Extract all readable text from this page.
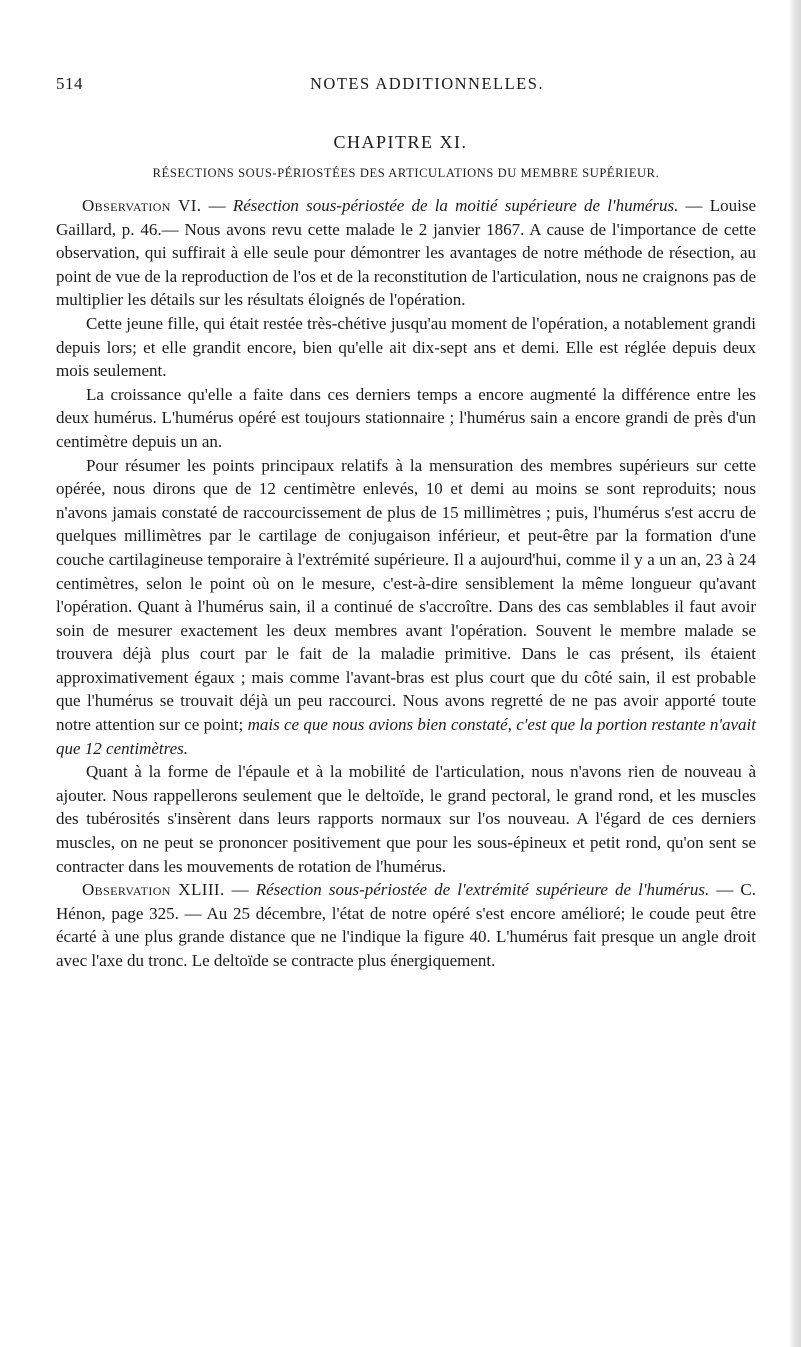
514	NOTES ADDITIONNELLES.
CHAPITRE XI.
RÉSECTIONS SOUS-PÉRIOSTÉES DES ARTICULATIONS DU MEMBRE SUPÉRIEUR.

Observation VI. — Résection sous-périostée de la moitié supérieure de l'humérus. — Louise Gaillard, p. 46.— Nous avons revu cette malade le 2 janvier 1867. A cause de l'importance de cette observation, qui suffirait à elle seule pour démontrer les avantages de notre méthode de résection, au point de vue de la reproduction de l'os et de la reconstitution de l'articulation, nous ne craignons pas de multiplier les détails sur les résultats éloignés de l'opération.

Cette jeune fille, qui était restée très-chétive jusqu'au moment de l'opération, a notablement grandi depuis lors; et elle grandit encore, bien qu'elle ait dix-sept ans et demi. Elle est réglée depuis deux mois seulement.

La croissance qu'elle a faite dans ces derniers temps a encore augmenté la différence entre les deux humérus. L'humérus opéré est toujours stationnaire ; l'humérus sain a encore grandi de près d'un centimètre depuis un an.

Pour résumer les points principaux relatifs à la mensuration des membres supérieurs sur cette opérée, nous dirons que de 12 centimètre enlevés, 10 et demi au moins se sont reproduits; nous n'avons jamais constaté de raccourcissement de plus de 15 millimètres ; puis, l'humérus s'est accru de quelques millimètres par le cartilage de conjugaison inférieur, et peut-être par la formation d'une couche cartilagineuse temporaire à l'extrémité supérieure. Il a aujourd'hui, comme il y a un an, 23 à 24 centimètres, selon le point où on le mesure, c'est-à-dire sensiblement la même longueur qu'avant l'opération. Quant à l'humérus sain, il a continué de s'accroître. Dans des cas semblables il faut avoir soin de mesurer exactement les deux membres avant l'opération. Souvent le membre malade se trouvera déjà plus court par le fait de la maladie primitive. Dans le cas présent, ils étaient approximativement égaux ; mais comme l'avant-bras est plus court que du côté sain, il est probable que l'humérus se trouvait déjà un peu raccourci. Nous avons regretté de ne pas avoir apporté toute notre attention sur ce point; mais ce que nous avions bien constaté, c'est que la portion restante n'avait que 12 centimètres.

Quant à la forme de l'épaule et à la mobilité de l'articulation, nous n'avons rien de nouveau à ajouter. Nous rappellerons seulement que le deltoïde, le grand pectoral, le grand rond, et les muscles des tubérosités s'insèrent dans leurs rapports normaux sur l'os nouveau. A l'égard de ces derniers muscles, on ne peut se prononcer positivement que pour les sous-épineux et petit rond, qu'on sent se contracter dans les mouvements de rotation de l'humérus.

Observation XLIII. — Résection sous-périostée de l'extrémité supérieure de l'humérus. — C. Hénon, page 325. — Au 25 décembre, l'état de notre opéré s'est encore amélioré; le coude peut être écarté à une plus grande distance que ne l'indique la figure 40. L'humérus fait presque un angle droit avec l'axe du tronc. Le deltoïde se contracte plus énergiquement.
